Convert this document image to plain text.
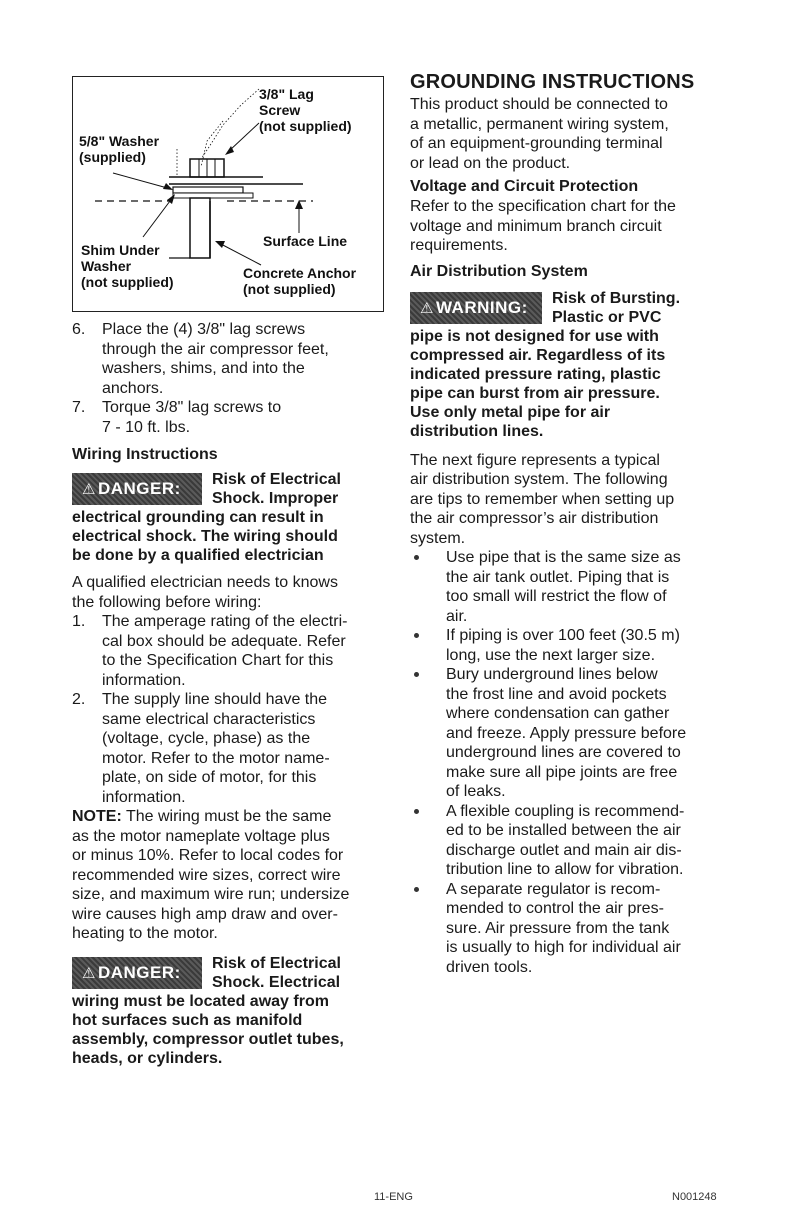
3/8" Lag
Screw
(not supplied)
5/8" Washer
(supplied)
Shim Under
Washer
(not supplied)
Surface Line
Concrete Anchor
(not supplied)
6. Place the (4) 3/8" lag screws
through the air compressor feet,
washers, shims, and into the
anchors.
7. Torque 3/8" lag screws to
7 - 10 ft. lbs.

Wiring Instructions

⚠ DANGER:	Risk of Electrical

Shock. Improper

electrical grounding can result in

electrical shock. The wiring should

be done by a qualified electrician

A qualified electrician needs to knows

the following before wiring:

1. The amperage rating of the electri-
cal box should be adequate. Refer
to the Specification Chart for this
information.
2. The supply line should have the
same electrical characteristics
(voltage, cycle, phase) as the
motor. Refer to the motor name-
plate, on side of motor, for this
information.

NOTE: The wiring must be the same

as the motor nameplate voltage plus

or minus 10%. Refer to local codes for

recommended wire sizes, correct wire

size, and maximum wire run; undersize

wire causes high amp draw and over-

heating to the motor.

⚠ DANGER:	Risk of Electrical

Shock. Electrical

wiring must be located away from

hot surfaces such as manifold

assembly, compressor outlet tubes,

heads, or cylinders.

GROUNDING INSTRUCTIONS

This product should be connected to

a metallic, permanent wiring system,

of an equipment-grounding terminal

or lead on the product.

Voltage and Circuit Protection

Refer to the specification chart for the

voltage and minimum branch circuit

requirements.

Air Distribution System

⚠ WARNING:	Risk of Bursting.

Plastic or PVC

pipe is not designed for use with

compressed air. Regardless of its

indicated pressure rating, plastic

pipe can burst from air pressure.

Use only metal pipe for air

distribution lines.

The next figure represents a typical

air distribution system. The following

are tips to remember when setting up

the air compressor’s air distribution

system.

Use pipe that is the same size as
the air tank outlet. Piping that is
too small will restrict the flow of
air.
If piping is over 100 feet (30.5 m)
long, use the next larger size.
Bury underground lines below
the frost line and avoid pockets
where condensation can gather
and freeze. Apply pressure before
underground lines are covered to
make sure all pipe joints are free
of leaks.
A flexible coupling is recommend-
ed to be installed between the air
discharge outlet and main air dis-
tribution line to allow for vibration.
A separate regulator is recom-
mended to control the air pres-
sure. Air pressure from the tank
is usually to high for individual air
driven tools.
11-ENG	N001248
